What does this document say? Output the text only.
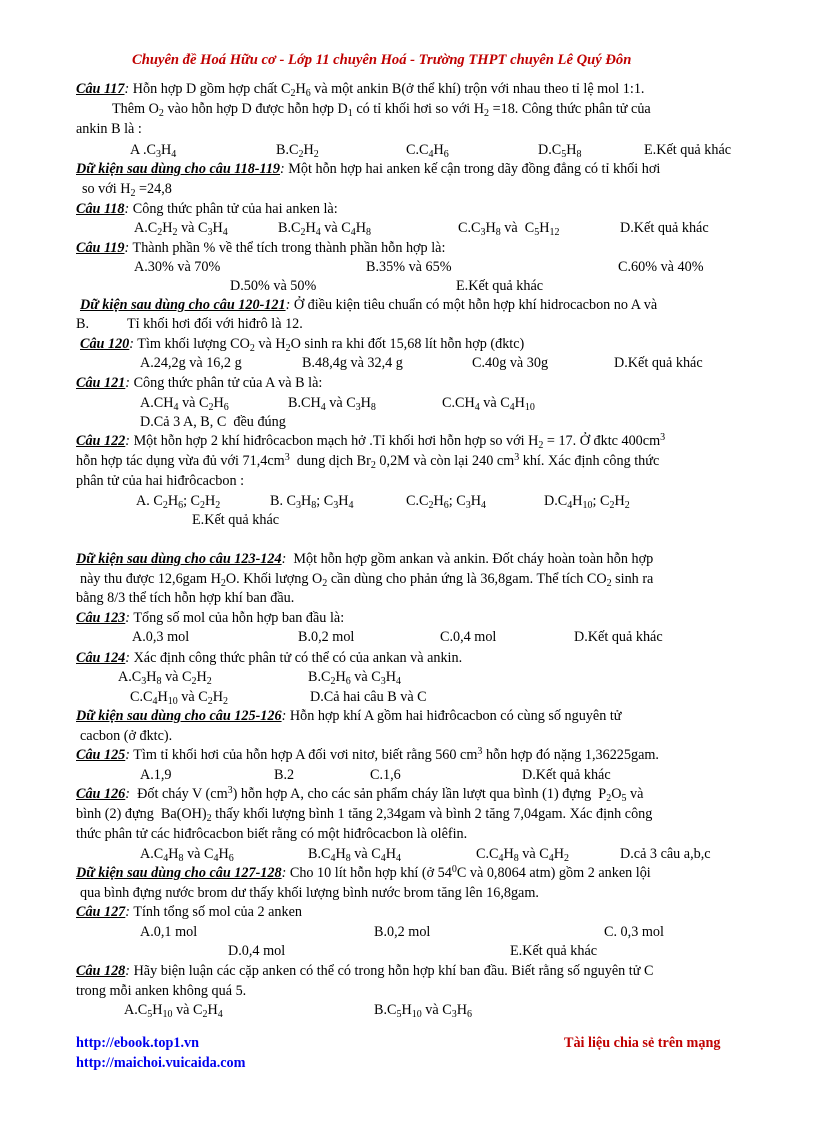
Chuyên đề Hoá Hữu cơ - Lớp 11 chuyên Hoá - Trường THPT chuyên Lê Quý Đôn
Câu 117: Hỗn hợp D gồm hợp chất $C_2H_6$ và một ankin B(ở thể khí) trộn với nhau theo tỉ lệ mol 1:1.
Thêm $O_2$ vào hỗn hợp D được hỗn hợp $D_1$ có tỉ khối hơi so với $H_2 =18$. Công thức phân tử của
ankin B là :
A $.C_3H_4$	$B.C_2H_2$	$C.C_4H_6$	$D.C_5H_8$	E.Kết quả khác
Dữ kiện sau dùng cho câu 118-119: Một hỗn hợp hai anken kế cận trong dãy đồng đẳng có tỉ khối hơi
so với $H_2 =24,8$
Câu 118: Công thức phân tử của hai anken là:
$A.C_2H_2$ và $C_3H_4$	$B.C_2H_4$ và $C_4H_8$	$C.C_3H_8$ và  $C_5H_{12}$	D.Kết quả khác
Câu 119: Thành phần % về thể tích trong thành phần hỗn hợp là:
A.30% và 70%	B.35% và 65%	C.60% và 40%
D.50% và 50%	E.Kết quả khác
Dữ kiện sau dùng cho câu 120-121: Ở điều kiện tiêu chuẩn có một hỗn hợp khí hidrocacbon no A và
B.	Tỉ khối hơi đối với hiđrô là 12.
Câu 120: Tìm khối lượng $CO_2$ và $H_2O$ sinh ra khi đốt 15,68 lít hỗn hợp (đktc)
A.24,2g và 16,2 g	B.48,4g và 32,4 g	C.40g và 30g	D.Kết quả khác
Câu 121: Công thức phân tử của A và B là:
$A.CH_4$ và $C_2H_6$	$B.CH_4$ và $C_3H_8$	$C.CH_4$ và $C_4H_{10}$
D.Cả 3 A, B, C  đều đúng
Câu 122: Một hỗn hợp 2 khí hiđrôcacbon mạch hở .Tỉ khối hơi hỗn hợp so với $H_2 = 17$. Ở đktc $400cm^3$
hỗn hợp tác dụng vừa đủ với $71,4cm^3$  dung dịch $Br_2$ 0,2M và còn lại 240 $cm^3$ khí. Xác định công thức
phân tử của hai hiđrôcacbon :
A. $C_2H_6$; $C_2H_2$	B. $C_3H_8$; $C_3H_4$	$C.C_2H_6$; $C_3H_4$	$D.C_4H_{10}$; $C_2H_2$
E.Kết quả khác
Dữ kiện sau dùng cho câu 123-124:  Một hỗn hợp gồm ankan và ankin. Đốt cháy hoàn toàn hỗn hợp
này thu được 12,6gam $H_2O$. Khối lượng $O_2$ cần dùng cho phản ứng là 36,8gam. Thể tích $CO_2$ sinh ra
bằng 8/3 thể tích hỗn hợp khí ban đầu.
Câu 123: Tổng số mol của hỗn hợp ban đầu là:
A.0,3 mol	B.0,2 mol	C.0,4 mol	D.Kết quả khác
Câu 124: Xác định công thức phân tử có thể có của ankan và ankin.
$A.C_3H_8$ và $C_2H_2$	$B.C_2H_6$ và $C_3H_4$
$C.C_4H_{10}$ và $C_2H_2$	D.Cả hai câu B và C
Dữ kiện sau dùng cho câu 125-126: Hỗn hợp khí A gồm hai hiđrôcacbon có cùng số nguyên tử
cacbon (ở đktc).
Câu 125: Tìm tỉ khối hơi của hỗn hợp A đối vơi nitơ, biết rằng 560 $cm^3$ hỗn hợp đó nặng 1,36225gam.
A.1,9	B.2	C.1,6	D.Kết quả khác
Câu 126:  Đốt cháy V $(cm^3)$ hỗn hợp A, cho các sản phẩm cháy lần lượt qua bình (1) đựng  $P_2O_5$ và
bình (2) đựng  $Ba(OH)_2$ thấy khối lượng bình 1 tăng 2,34gam và bình 2 tăng 7,04gam. Xác định công
thức phân tử các hiđrôcacbon biết rằng có một hiđrôcacbon là olêfin.
$A.C_4H_8$ và $C_4H_6$	$B.C_4H_8$ và $C_4H_4$	$C.C_4H_8$ và $C_4H_2$	D.cả 3 câu a,b,c
Dữ kiện sau dùng cho câu 127-128: Cho 10 lít hỗn hợp khí (ở $54^0C$ và 0,8064 atm) gồm 2 anken lội
qua bình đựng nước brom dư thấy khối lượng bình nước brom tăng lên 16,8gam.
Câu 127: Tính tổng số mol của 2 anken
A.0,1 mol	B.0,2 mol	C. 0,3 mol
D.0,4 mol	E.Kết quả khác
Câu 128: Hãy biện luận các cặp anken có thể có trong hỗn hợp khí ban đầu. Biết rằng số nguyên tử C
trong mỗi anken không quá 5.
$A.C_5H_{10}$ và $C_2H_4$	$B.C_5H_{10}$ và $C_3H_6$
http://ebook.top1.vn
http://maichoi.vuicaida.com
Tài liệu chia sẻ trên mạng
